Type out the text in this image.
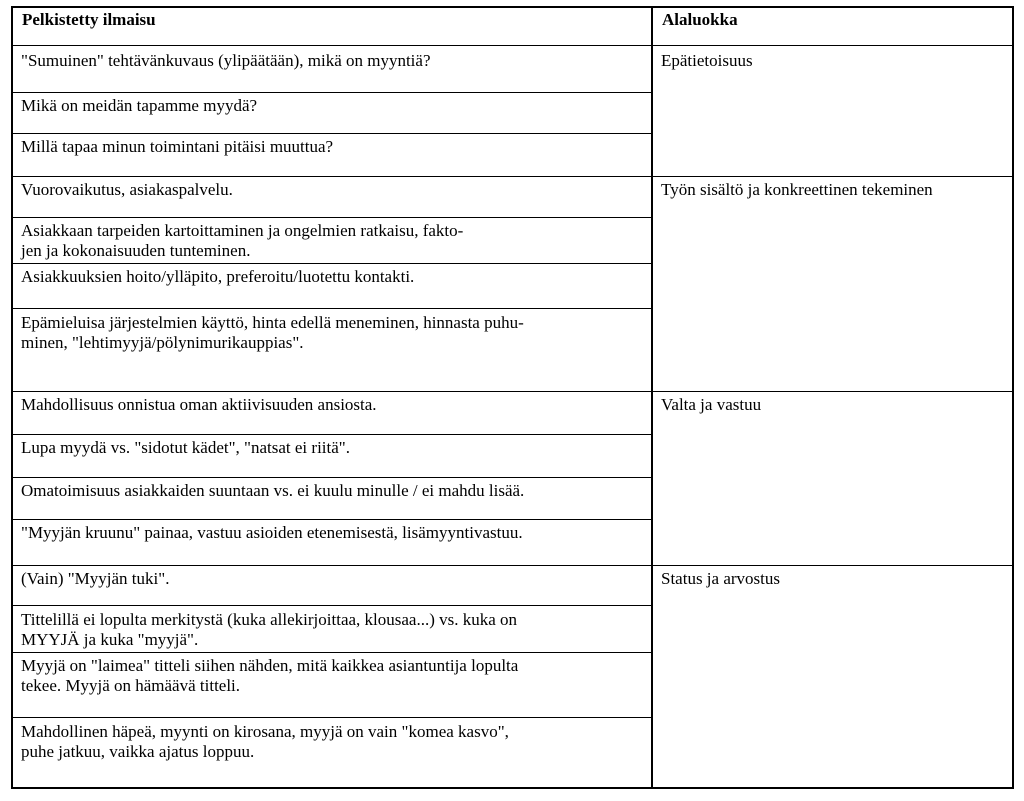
Pelkistetty ilmaisu	Alaluokka
"Sumuinen" tehtävänkuvaus (ylipäätään), mikä on myyntiä?
Mikä on meidän tapamme myydä?
Millä tapaa minun toimintani pitäisi muuttua?
Epätietoisuus
Vuorovaikutus, asiakaspalvelu.
Asiakkaan tarpeiden kartoittaminen ja ongelmien ratkaisu, fakto-
jen ja kokonaisuuden tunteminen.
Asiakkuuksien hoito/ylläpito, preferoitu/luotettu kontakti.
Epämieluisa järjestelmien käyttö, hinta edellä meneminen, hinnasta puhu-
minen, "lehtimyyjä/pölynimurikauppias".
Työn sisältö ja konkreettinen tekeminen
Mahdollisuus onnistua oman aktiivisuuden ansiosta.
Lupa myydä vs. "sidotut kädet", "natsat ei riitä".
Omatoimisuus asiakkaiden suuntaan vs. ei kuulu minulle / ei mahdu lisää.
"Myyjän kruunu" painaa, vastuu asioiden etenemisestä, lisämyyntivastuu.
Valta ja vastuu
(Vain) "Myyjän tuki".
Tittelillä ei lopulta merkitystä (kuka allekirjoittaa, klousaa...) vs. kuka on
MYYJÄ ja kuka "myyjä".
Myyjä on "laimea" titteli siihen nähden, mitä kaikkea asiantuntija lopulta
tekee. Myyjä on hämäävä titteli.
Mahdollinen häpeä, myynti on kirosana, myyjä on vain "komea kasvo",
puhe jatkuu, vaikka ajatus loppuu.
Status ja arvostus
